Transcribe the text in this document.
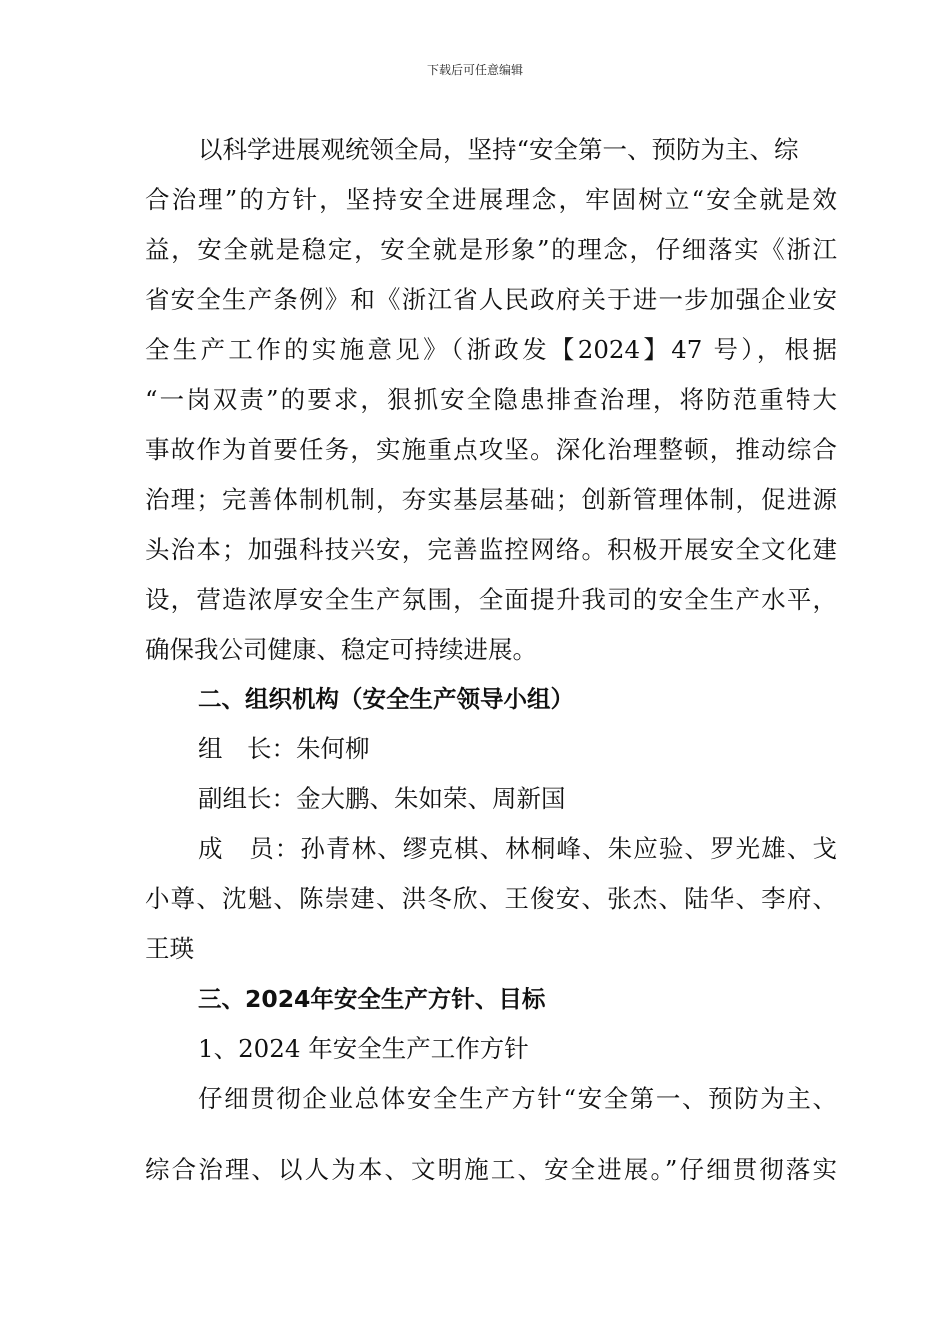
下载后可任意编辑
以科学进展观统领全局，坚持“安全第一、预防为主、综
合治理”的方针，坚持安全进展理念，牢固树立“安全就是效
益，安全就是稳定，安全就是形象”的理念，仔细落实《浙江
省安全生产条例》和《浙江省人民政府关于进一步加强企业安
全生产工作的实施意见》（浙政发【2024】47 号），根据
“一岗双责”的要求，狠抓安全隐患排查治理，将防范重特大
事故作为首要任务，实施重点攻坚。深化治理整顿，推动综合
治理；完善体制机制，夯实基层基础；创新管理体制，促进源
头治本；加强科技兴安，完善监控网络。积极开展安全文化建
设，营造浓厚安全生产氛围，全面提升我司的安全生产水平，
确保我公司健康、稳定可持续进展。
二、组织机构（安全生产领导小组）
组　长：朱何柳
副组长：金大鹏、朱如荣、周新国
成　员：孙青林、缪克棋、林桐峰、朱应验、罗光雄、戈
小尊、沈魁、陈崇建、洪冬欣、王俊安、张杰、陆华、李府、
王瑛
三、2024年安全生产方针、目标
1、2024 年安全生产工作方针
仔细贯彻企业总体安全生产方针“安全第一、预防为主、
综合治理、以人为本、文明施工、安全进展。”仔细贯彻落实
